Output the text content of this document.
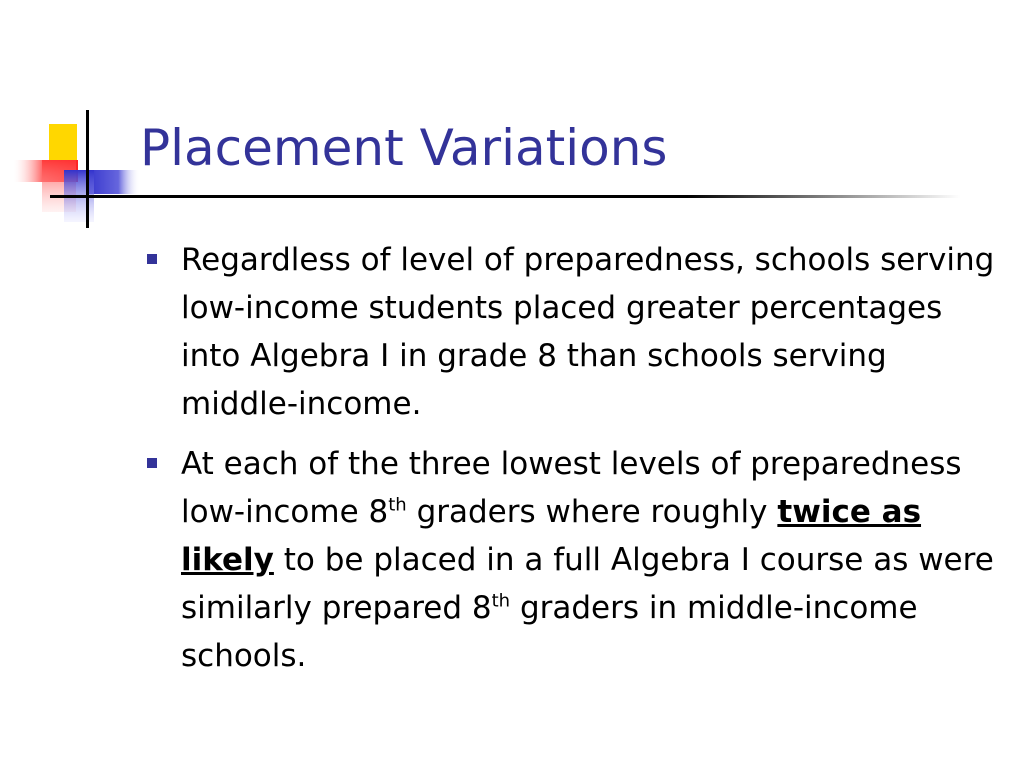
Placement Variations
Regardless of level of preparedness, schools serving low-income students placed greater percentages into Algebra I in grade 8 than schools serving middle-income.
At each of the three lowest levels of preparedness low-income 8th graders where roughly twice as likely to be placed in a full Algebra I course as were similarly prepared 8th graders in middle-income schools.
